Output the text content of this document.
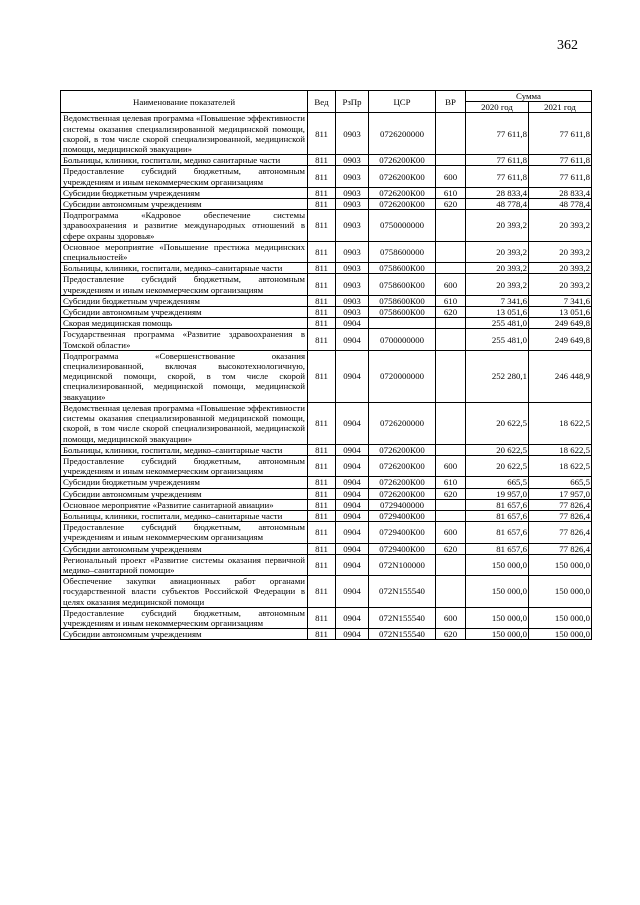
362
Наименование показателей	Вед	РзПр	ЦСР	ВР	Сумма	
					2020 год	2021 год
Ведомственная целевая программа «Повышение эффективности системы оказания специализированной медицинской помощи, скорой, в том числе скорой специализированной, медицинской помощи, медицинской эвакуации»	811	0903	0726200000		77 611,8	77 611,8
Больницы, клиники, госпитали, медико санитарные части	811	0903	0726200К00		77 611,8	77 611,8
Предоставление субсидий бюджетным, автономным учреждениям и иным некоммерческим организациям	811	0903	0726200К00	600	77 611,8	77 611,8
Субсидии бюджетным учреждениям	811	0903	0726200К00	610	28 833,4	28 833,4
Субсидии автономным учреждениям	811	0903	0726200К00	620	48 778,4	48 778,4
Подпрограмма «Кадровое обеспечение системы здравоохранения и развитие международных отношений в сфере охраны здоровья»	811	0903	0750000000		20 393,2	20 393,2
Основное мероприятие «Повышение престижа медицинских специальностей»	811	0903	0758600000		20 393,2	20 393,2
Больницы, клиники, госпитали, медико–санитарные части	811	0903	0758600К00		20 393,2	20 393,2
Предоставление субсидий бюджетным, автономным учреждениям и иным некоммерческим организациям	811	0903	0758600К00	600	20 393,2	20 393,2
Субсидии бюджетным учреждениям	811	0903	0758600К00	610	7 341,6	7 341,6
Субсидии автономным учреждениям	811	0903	0758600К00	620	13 051,6	13 051,6
Скорая медицинская помощь	811	0904			255 481,0	249 649,8
Государственная программа «Развитие здравоохранения в Томской области»	811	0904	0700000000		255 481,0	249 649,8
Подпрограмма «Совершенствование оказания специализированной, включая высокотехнологичную, медицинской помощи, скорой, в том числе скорой специализированной, медицинской помощи, медицинской эвакуации»	811	0904	0720000000		252 280,1	246 448,9
Ведомственная целевая программа «Повышение эффективности системы оказания специализированной медицинской помощи, скорой, в том числе скорой специализированной, медицинской помощи, медицинской эвакуации»	811	0904	0726200000		20 622,5	18 622,5
Больницы, клиники, госпитали, медико–санитарные части	811	0904	0726200К00		20 622,5	18 622,5
Предоставление субсидий бюджетным, автономным учреждениям и иным некоммерческим организациям	811	0904	0726200К00	600	20 622,5	18 622,5
Субсидии бюджетным учреждениям	811	0904	0726200К00	610	665,5	665,5
Субсидии автономным учреждениям	811	0904	0726200К00	620	19 957,0	17 957,0
Основное мероприятие «Развитие санитарной авиации»	811	0904	0729400000		81 657,6	77 826,4
Больницы, клиники, госпитали, медико–санитарные части	811	0904	0729400К00		81 657,6	77 826,4
Предоставление субсидий бюджетным, автономным учреждениям и иным некоммерческим организациям	811	0904	0729400К00	600	81 657,6	77 826,4
Субсидии автономным учреждениям	811	0904	0729400К00	620	81 657,6	77 826,4
Региональный проект «Развитие системы оказания первичной медико–санитарной помощи»	811	0904	072N100000		150 000,0	150 000,0
Обеспечение закупки авиационных работ органами государственной власти субъектов Российской Федерации в целях оказания медицинской помощи	811	0904	072N155540		150 000,0	150 000,0
Предоставление субсидий бюджетным, автономным учреждениям и иным некоммерческим организациям	811	0904	072N155540	600	150 000,0	150 000,0
Субсидии автономным учреждениям	811	0904	072N155540	620	150 000,0	150 000,0
